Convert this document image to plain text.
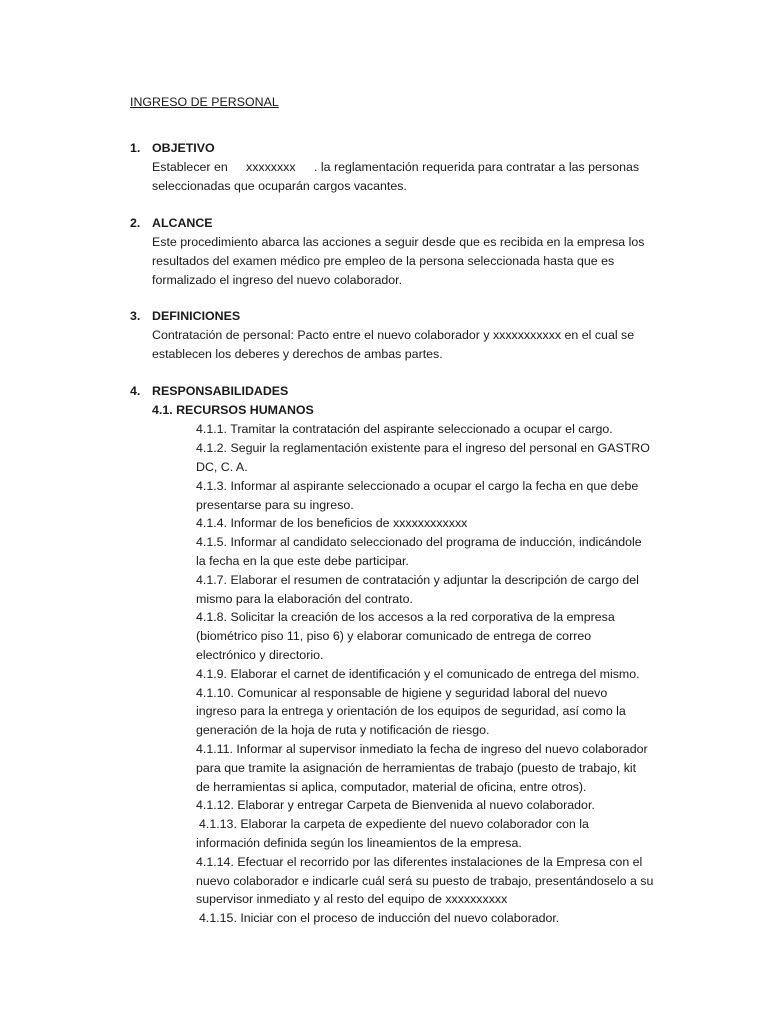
INGRESO DE PERSONAL
1. OBJETIVO
Establecer en xxxxxxxx . la reglamentación requerida para contratar a las personas
seleccionadas que ocuparán cargos vacantes.
2. ALCANCE
Este procedimiento abarca las acciones a seguir desde que es recibida en la empresa los
resultados del examen médico pre empleo de la persona seleccionada hasta que es
formalizado el ingreso del nuevo colaborador.
3. DEFINICIONES
Contratación de personal: Pacto entre el nuevo colaborador y xxxxxxxxxxx en el cual se
establecen los deberes y derechos de ambas partes.
4. RESPONSABILIDADES
4.1. RECURSOS HUMANOS
4.1.1. Tramitar la contratación del aspirante seleccionado a ocupar el cargo.
4.1.2. Seguir la reglamentación existente para el ingreso del personal en GASTRO
DC, C. A.
4.1.3. Informar al aspirante seleccionado a ocupar el cargo la fecha en que debe
presentarse para su ingreso.
4.1.4. Informar de los beneficios de xxxxxxxxxxxx
4.1.5. Informar al candidato seleccionado del programa de inducción, indicándole
la fecha en la que este debe participar.
4.1.7. Elaborar el resumen de contratación y adjuntar la descripción de cargo del
mismo para la elaboración del contrato.
4.1.8. Solicitar la creación de los accesos a la red corporativa de la empresa
(biométrico piso 11, piso 6) y elaborar comunicado de entrega de correo
electrónico y directorio.
4.1.9. Elaborar el carnet de identificación y el comunicado de entrega del mismo.
4.1.10. Comunicar al responsable de higiene y seguridad laboral del nuevo
ingreso para la entrega y orientación de los equipos de seguridad, así como la
generación de la hoja de ruta y notificación de riesgo.
4.1.11. Informar al supervisor inmediato la fecha de ingreso del nuevo colaborador
para que tramite la asignación de herramientas de trabajo (puesto de trabajo, kit
de herramientas si aplica, computador, material de oficina, entre otros).
4.1.12. Elaborar y entregar Carpeta de Bienvenida al nuevo colaborador.
4.1.13. Elaborar la carpeta de expediente del nuevo colaborador con la
información definida según los lineamientos de la empresa.
4.1.14. Efectuar el recorrido por las diferentes instalaciones de la Empresa con el
nuevo colaborador e indicarle cuál será su puesto de trabajo, presentándoselo a su
supervisor inmediato y al resto del equipo de xxxxxxxxxx
4.1.15. Iniciar con el proceso de inducción del nuevo colaborador.
